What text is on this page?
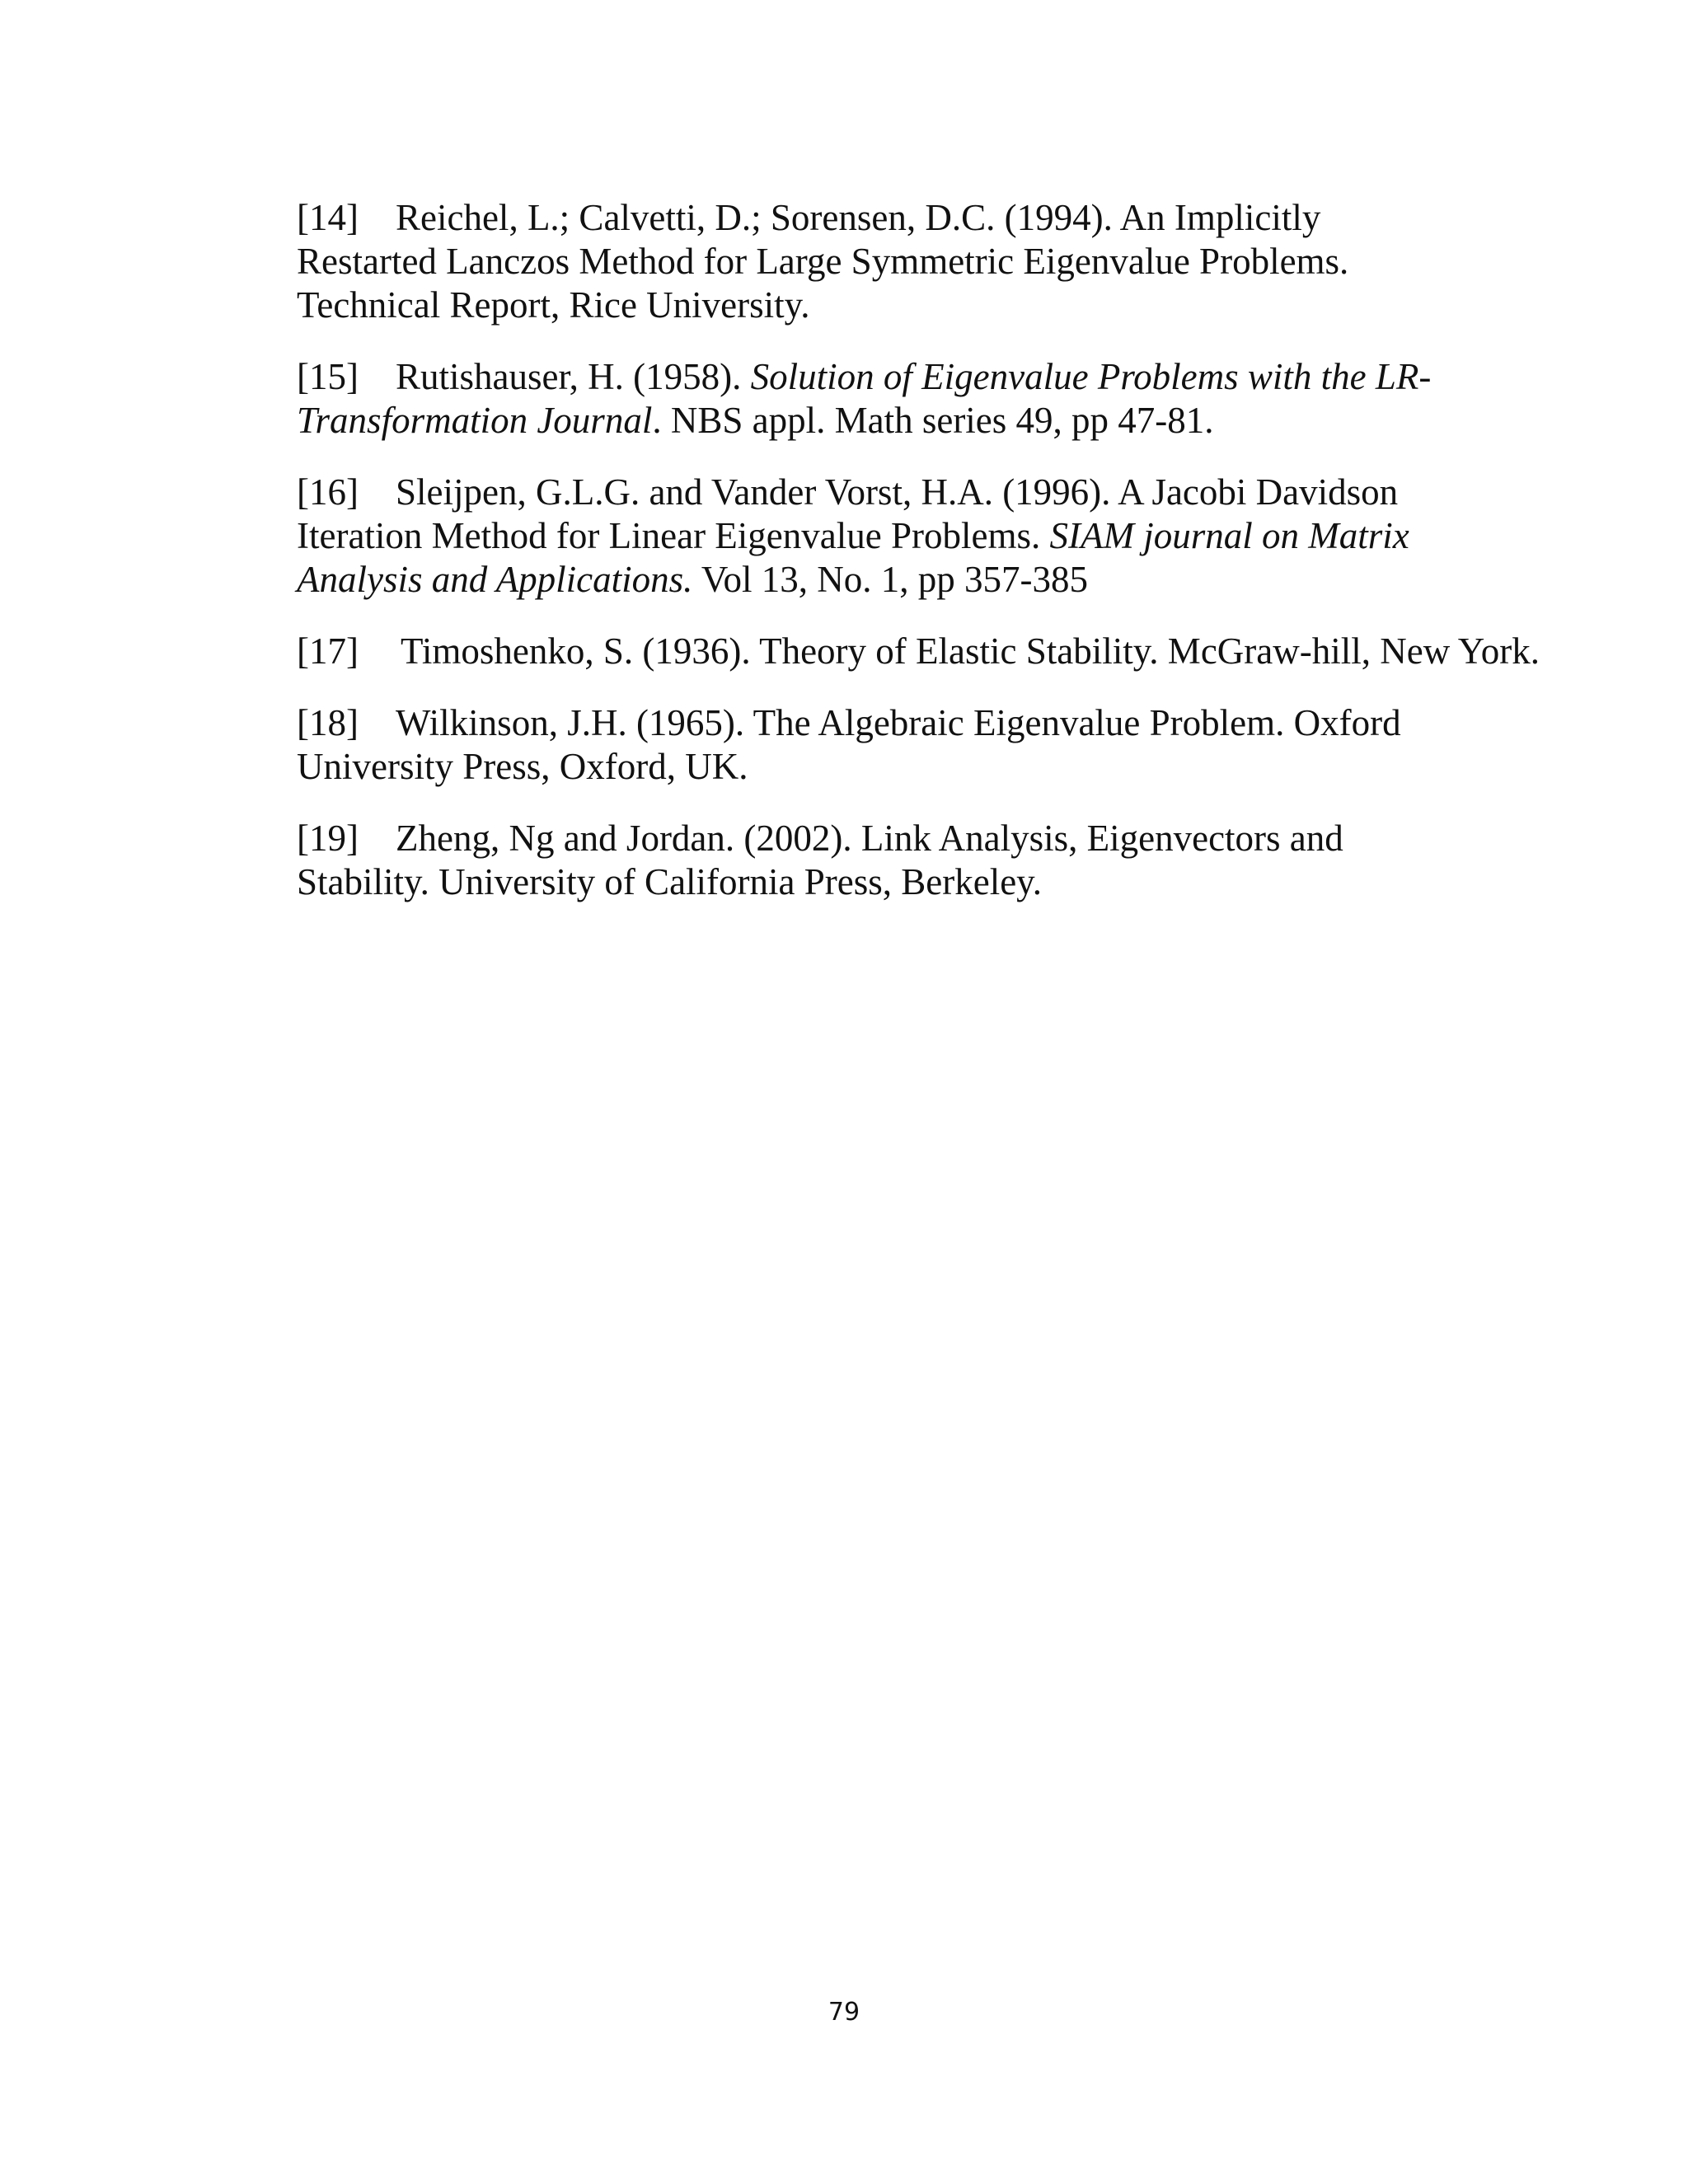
[14] Reichel, L.; Calvetti, D.; Sorensen, D.C. (1994). An Implicitly
Restarted Lanczos Method for Large Symmetric Eigenvalue Problems.
Technical Report, Rice University.
[15] Rutishauser, H. (1958). Solution of Eigenvalue Problems with the LR-
Transformation Journal. NBS appl. Math series 49, pp 47-81.
[16] Sleijpen, G.L.G. and Vander Vorst, H.A. (1996). A Jacobi Davidson
Iteration Method for Linear Eigenvalue Problems. SIAM journal on Matrix
Analysis and Applications. Vol 13, No. 1, pp 357-385
[17] Timoshenko, S. (1936). Theory of Elastic Stability. McGraw-hill, New York.
[18] Wilkinson, J.H. (1965). The Algebraic Eigenvalue Problem. Oxford
University Press, Oxford, UK.
[19] Zheng, Ng and Jordan. (2002). Link Analysis, Eigenvectors and
Stability. University of California Press, Berkeley.
79
